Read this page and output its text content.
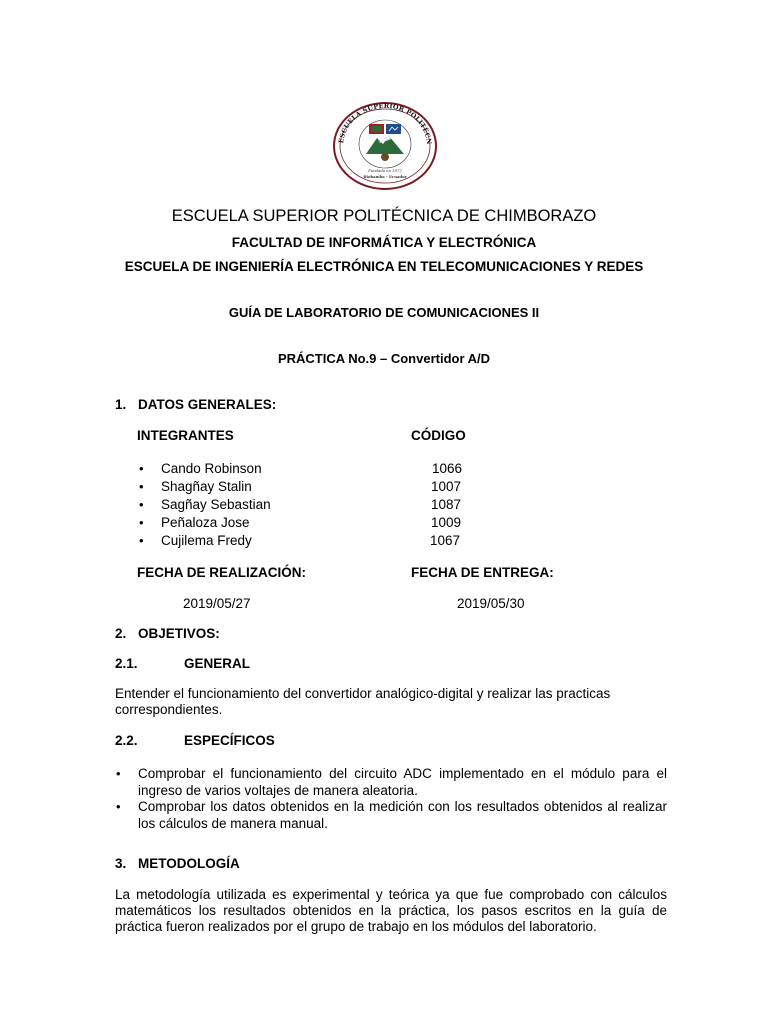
ESCUELA SUPERIOR POLITÉCN
Fundada en 1972
Riobamba - Ecuador
ESCUELA SUPERIOR POLITÉCNICA DE CHIMBORAZO
FACULTAD DE INFORMÁTICA Y ELECTRÓNICA
ESCUELA DE INGENIERÍA ELECTRÓNICA EN TELECOMUNICACIONES Y REDES
GUÍA DE LABORATORIO DE COMUNICACIONES II
PRÁCTICA No.9 – Convertidor A/D
1. DATOS GENERALES:
INTEGRANTES	CÓDIGO
• Cando Robinson	1066
• Shagñay Stalin	1007
• Sagñay Sebastian	1087
• Peñaloza Jose	1009
• Cujilema Fredy	1067
FECHA DE REALIZACIÓN:	FECHA DE ENTREGA:
2019/05/27	2019/05/30
2. OBJETIVOS:
2.1.	GENERAL
Entender el funcionamiento del convertidor analógico-digital y realizar las practicas
correspondientes.
2.2.	ESPECÍFICOS
• Comprobar el funcionamiento del circuito ADC implementado en el módulo para el ingreso de varios voltajes de manera aleatoria.
• Comprobar los datos obtenidos en la medición con los resultados obtenidos al realizar los cálculos de manera manual.
3. METODOLOGÍA
La metodología utilizada es experimental y teórica ya que fue comprobado con cálculos matemáticos los resultados obtenidos en la práctica, los pasos escritos en la guía de práctica fueron realizados por el grupo de trabajo en los módulos del laboratorio.
